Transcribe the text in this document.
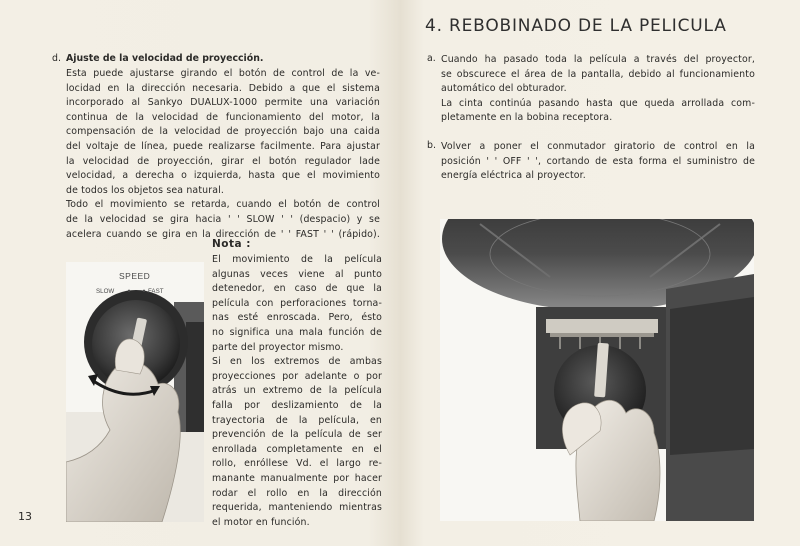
d. Ajuste de la velocidad de proyección.
Esta puede ajustarse girando el botón de control de la ve-
locidad en la dirección necesaria. Debido a que el sistema
incorporado al Sankyo DUALUX-1000 permite una variación
continua de la velocidad de funcionamiento del motor, la
compensación de la velocidad de proyección bajo una caida
del voltaje de línea, puede realizarse facilmente. Para ajustar
la velocidad de proyección, girar el botón regulador lade
velocidad, a derecha o izquierda, hasta que el movimiento
de todos los objetos sea natural.
Todo el movimiento se retarda, cuando el botón de control
de la velocidad se gira hacia ' ' SLOW ' ' (despacio) y se
acelera cuando se gira en la dirección de ' ' FAST ' ' (rápido).
Nota :
El movimiento de la película
algunas veces viene al punto
detenedor, en caso de que la
película con perforaciones torna-
nas esté enroscada. Pero, ésto
no significa una mala función de
parte del proyector mismo.
Si en los extremos de ambas
proyecciones por adelante o por
atrás un extremo de la película
falla por deslizamiento de la
trayectoria de la película, en
prevención de la película de ser
enrollada completamente en el
rollo, enróllese Vd. el largo re-
manante manualmente por hacer
rodar el rollo en la dirección
requerida, manteniendo mientras
el motor en función.
SPEED
SLOW	FAST
13
4. REBOBINADO DE LA PELICULA
a. Cuando ha pasado toda la película a través del proyector,
se obscurece el área de la pantalla, debido al funcionamiento
automático del obturador.
La cinta continúa pasando hasta que queda arrollada com-
pletamente en la bobina receptora.
b. Volver a poner el conmutador giratorio de control en la
posición ' ' OFF ' ', cortando de esta forma el suministro de
energía eléctrica al proyector.
